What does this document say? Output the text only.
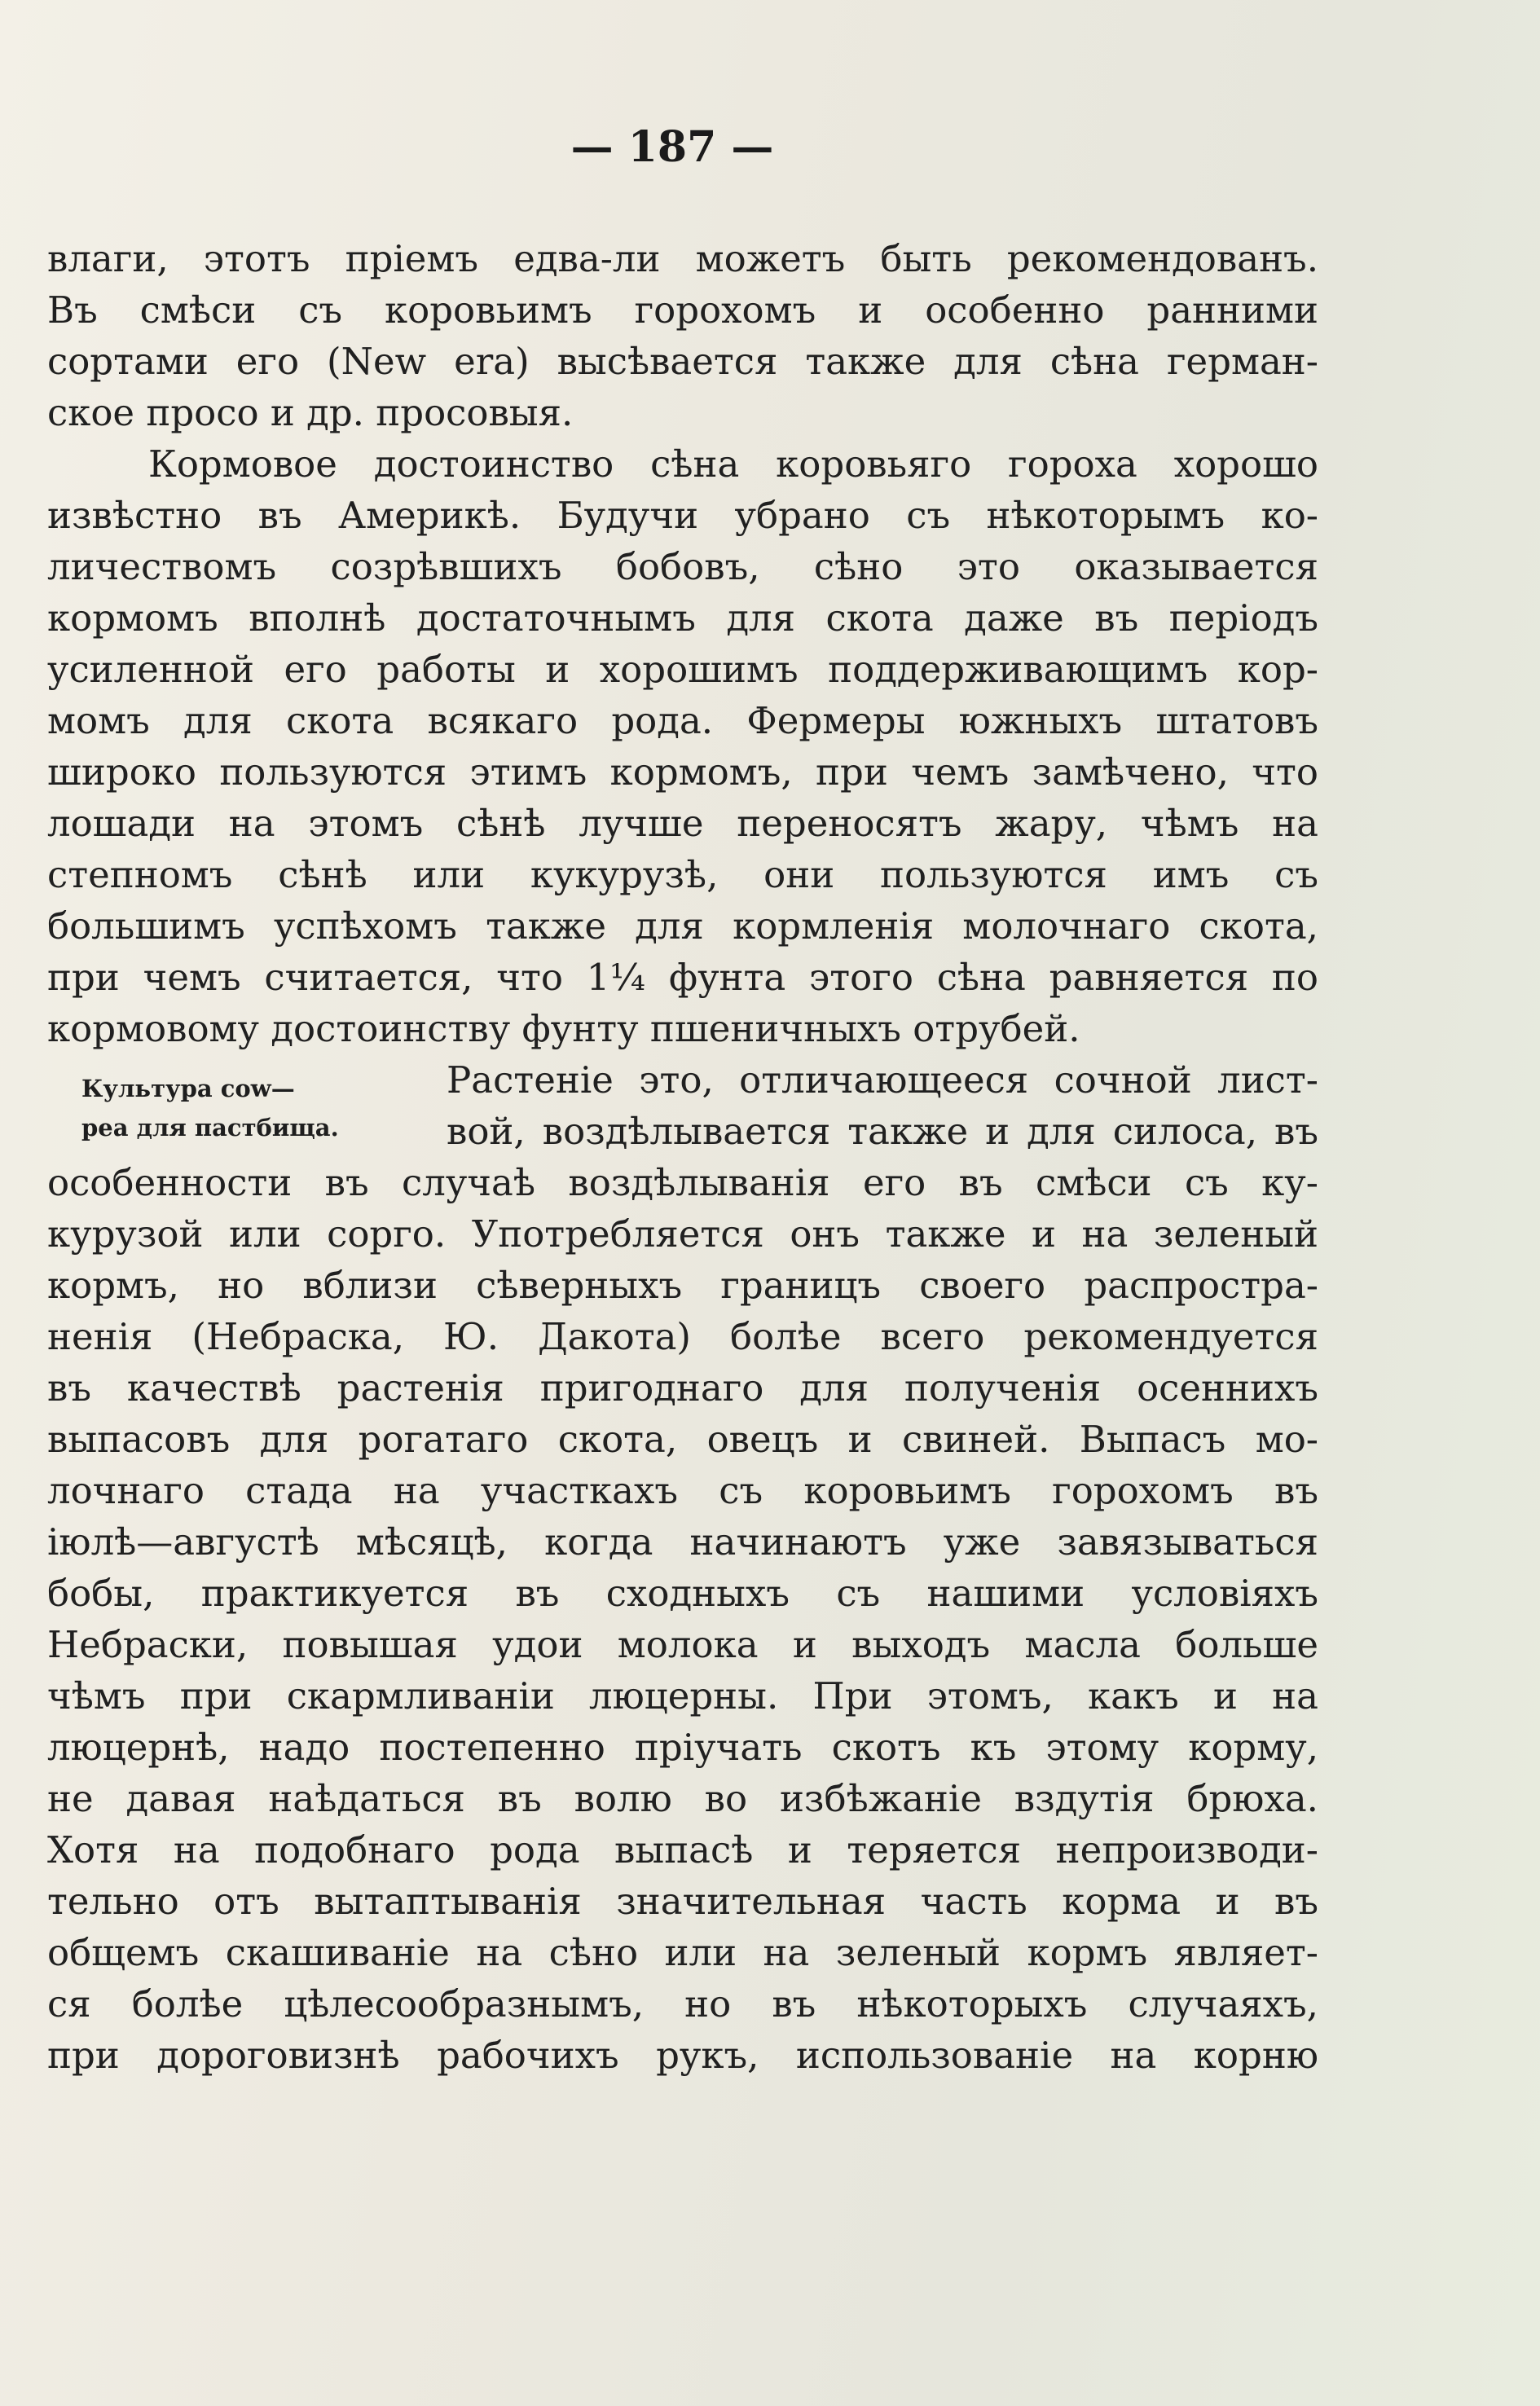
— 187 —
влаги, этотъ пріемъ едва-ли можетъ быть рекомендованъ.
Въ смѣси съ коровьимъ горохомъ и особенно ранними
сортами его (New era) высѣвается также для сѣна герман-
ское просо и др. просовыя.
Кормовое достоинство сѣна коровьяго гороха хорошо
извѣстно въ Америкѣ. Будучи убрано съ нѣкоторымъ ко-
личествомъ созрѣвшихъ бобовъ, сѣно это оказывается
кормомъ вполнѣ достаточнымъ для скота даже въ періодъ
усиленной его работы и хорошимъ поддерживающимъ кор-
момъ для скота всякаго рода. Фермеры южныхъ штатовъ
широко пользуются этимъ кормомъ, при чемъ замѣчено, что
лошади на этомъ сѣнѣ лучше переносятъ жару, чѣмъ на
степномъ сѣнѣ или кукурузѣ, они пользуются имъ съ
большимъ успѣхомъ также для кормленія молочнаго скота,
при чемъ считается, что 1¼ фунта этого сѣна равняется по
кормовому достоинству фунту пшеничныхъ отрубей.
Культура cow—
pea для пастбища.
Растеніе это, отличающееся сочной лист-
вой, воздѣлывается также и для силоса, въ
особенности въ случаѣ воздѣлыванія его въ смѣси съ ку-
курузой или сорго. Употребляется онъ также и на зеленый
кормъ, но вблизи сѣверныхъ границъ своего распростра-
ненія (Небраска, Ю. Дакота) болѣе всего рекомендуется
въ качествѣ растенія пригоднаго для полученія осеннихъ
выпасовъ для рогатаго скота, овецъ и свиней. Выпасъ мо-
лочнаго стада на участкахъ съ коровьимъ горохомъ въ
іюлѣ—августѣ мѣсяцѣ, когда начинаютъ уже завязываться
бобы, практикуется въ сходныхъ съ нашими условіяхъ
Небраски, повышая удои молока и выходъ масла больше
чѣмъ при скармливаніи люцерны. При этомъ, какъ и на
люцернѣ, надо постепенно пріучать скотъ къ этому корму,
не давая наѣдаться въ волю во избѣжаніе вздутія брюха.
Хотя на подобнаго рода выпасѣ и теряется непроизводи-
тельно отъ вытаптыванія значительная часть корма и въ
общемъ скашиваніе на сѣно или на зеленый кормъ являет-
ся болѣе цѣлесообразнымъ, но въ нѣкоторыхъ случаяхъ,
при дороговизнѣ рабочихъ рукъ, использованіе на корню
